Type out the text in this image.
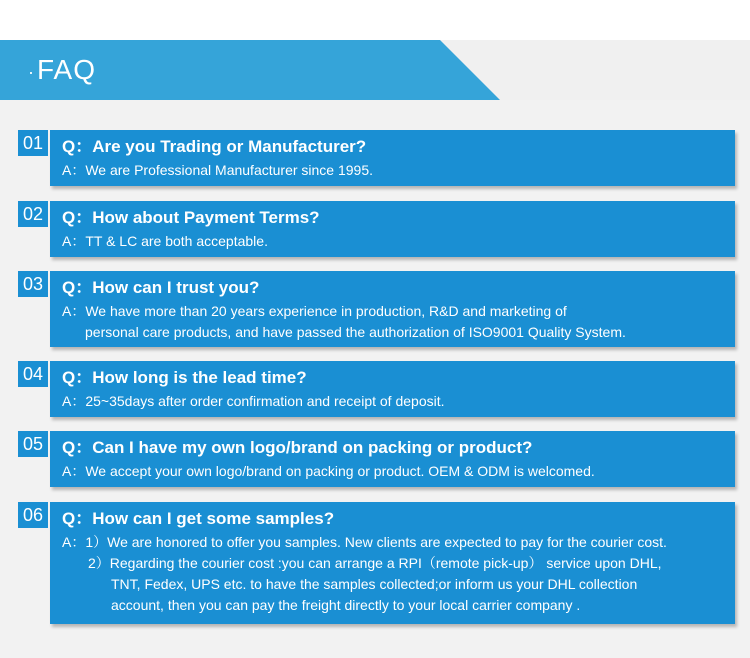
·FAQ
01 Q：Are you Trading or Manufacturer?
A：We are Professional Manufacturer since 1995.
02 Q：How about Payment Terms?
A：TT & LC are both acceptable.
03 Q：How can I trust you?
A：We have more than 20 years experience in production, R&D and marketing of
personal care products, and have passed the authorization of ISO9001 Quality System.
04 Q：How long is the lead time?
A：25~35days after order confirmation and receipt of deposit.
05 Q：Can I have my own logo/brand on packing or product?
A：We accept your own logo/brand on packing or product. OEM & ODM is welcomed.
06 Q：How can I get some samples?
A：1）We are honored to offer you samples. New clients are expected to pay for the courier cost.
2）Regarding the courier cost :you can arrange a RPI（remote pick-up） service upon DHL,
TNT, Fedex, UPS etc. to have the samples collected;or inform us your DHL collection
account, then you can pay the freight directly to your local carrier company .
